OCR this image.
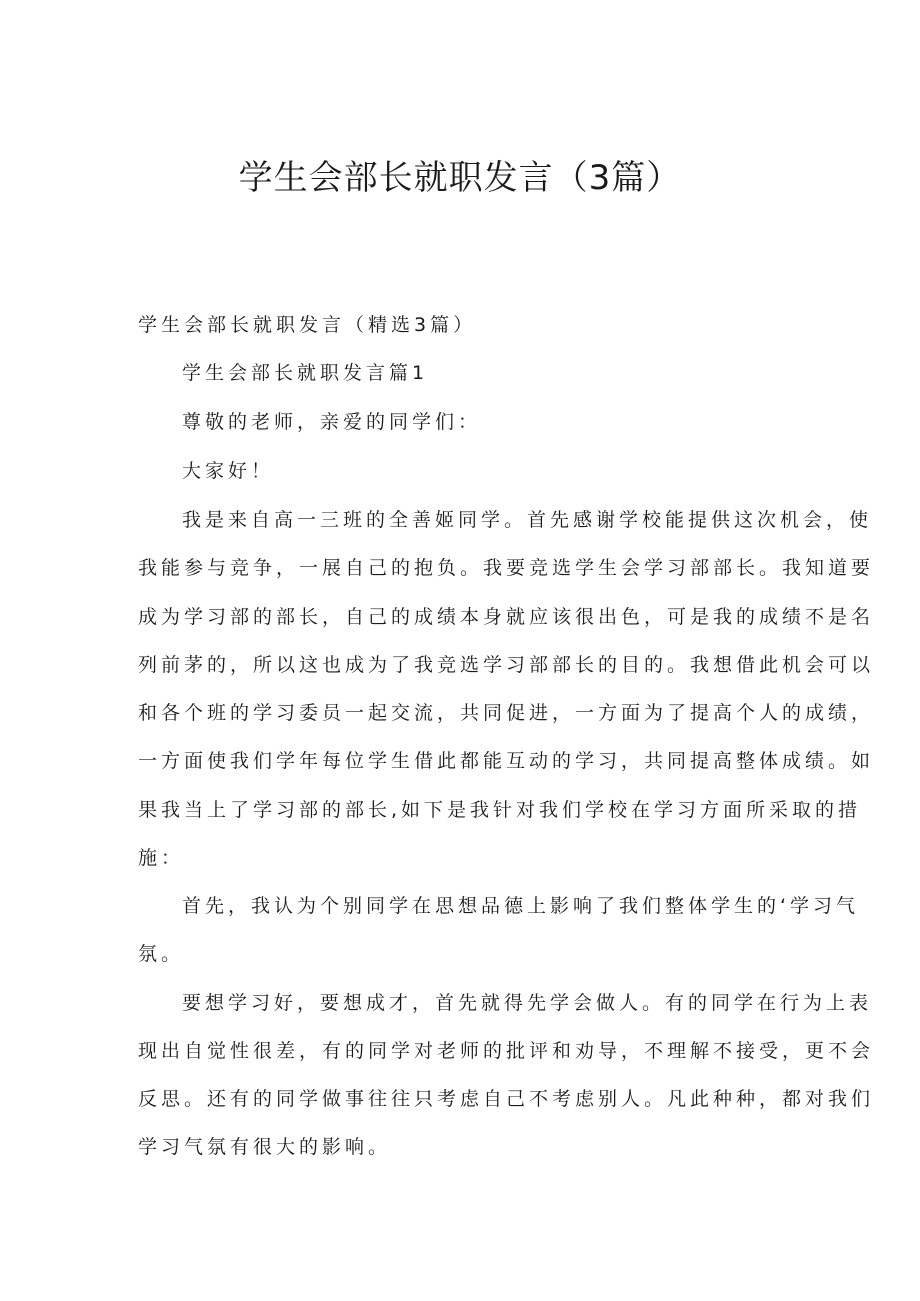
学生会部长就职发言（3篇）

学生会部长就职发言（精选3篇）

学生会部长就职发言篇1

尊敬的老师，亲爱的同学们：

大家好！

我是来自高一三班的全善姬同学。首先感谢学校能提供这次机会，使

我能参与竞争，一展自己的抱负。我要竞选学生会学习部部长。我知道要

成为学习部的部长，自己的成绩本身就应该很出色，可是我的成绩不是名

列前茅的，所以这也成为了我竞选学习部部长的目的。我想借此机会可以

和各个班的学习委员一起交流，共同促进，一方面为了提高个人的成绩，

一方面使我们学年每位学生借此都能互动的学习，共同提高整体成绩。如

果我当上了学习部的部长,如下是我针对我们学校在学习方面所采取的措

施：

首先，我认为个别同学在思想品德上影响了我们整体学生的‘学习气

氛。

要想学习好，要想成才，首先就得先学会做人。有的同学在行为上表

现出自觉性很差，有的同学对老师的批评和劝导，不理解不接受，更不会

反思。还有的同学做事往往只考虑自己不考虑别人。凡此种种，都对我们

学习气氛有很大的影响。
